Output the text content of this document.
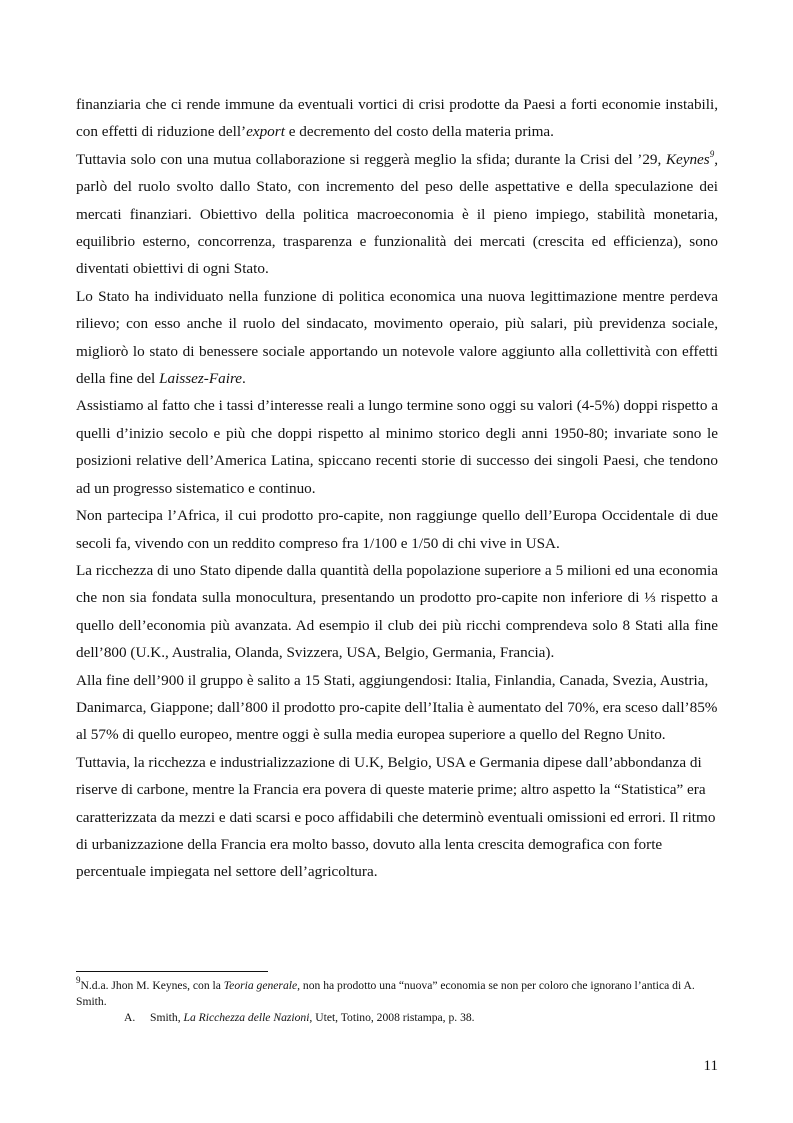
finanziaria che ci rende immune da eventuali vortici di crisi prodotte da Paesi a forti economie instabili, con effetti di riduzione dell’export e decremento del costo della materia prima.

Tuttavia solo con una mutua collaborazione si reggerà meglio la sfida; durante la Crisi del ’29, Keynes$^9$, parlò del ruolo svolto dallo Stato, con incremento del peso delle aspettative e della speculazione dei mercati finanziari. Obiettivo della politica macroeconomia è il pieno impiego, stabilità monetaria, equilibrio esterno, concorrenza, trasparenza e funzionalità dei mercati (crescita ed efficienza), sono diventati obiettivi di ogni Stato.

Lo Stato ha individuato nella funzione di politica economica una nuova legittimazione mentre perdeva rilievo; con esso anche il ruolo del sindacato, movimento operaio, più salari, più previdenza sociale, migliorò lo stato di benessere sociale apportando un notevole valore aggiunto alla collettività con effetti della fine del Laissez-Faire.

Assistiamo al fatto che i tassi d’interesse reali a lungo termine sono oggi su valori (4-5%) doppi rispetto a quelli d’inizio secolo e più che doppi rispetto al minimo storico degli anni 1950-80; invariate sono le posizioni relative dell’America Latina, spiccano recenti storie di successo dei singoli Paesi, che tendono ad un progresso sistematico e continuo.

Non partecipa l’Africa, il cui prodotto pro-capite, non raggiunge quello dell’Europa Occidentale di due secoli fa, vivendo con un reddito compreso fra 1/100 e 1/50 di chi vive in USA.

La ricchezza di uno Stato dipende dalla quantità della popolazione superiore a 5 milioni ed una economia che non sia fondata sulla monocultura, presentando un prodotto pro-capite non inferiore di ⅓ rispetto a quello dell’economia più avanzata. Ad esempio il club dei più ricchi comprendeva solo 8 Stati alla fine dell’800 (U.K., Australia, Olanda, Svizzera, USA, Belgio, Germania, Francia).

Alla fine dell’900 il gruppo è salito a 15 Stati, aggiungendosi: Italia, Finlandia, Canada, Svezia, Austria, Danimarca, Giappone; dall’800 il prodotto pro-capite dell’Italia è aumentato del 70%, era sceso dall’85% al 57% di quello europeo, mentre oggi è sulla media europea superiore a quello del Regno Unito. Tuttavia, la ricchezza e industrializzazione di U.K, Belgio, USA e Germania dipese dall’abbondanza di riserve di carbone, mentre la Francia era povera di queste materie prime; altro aspetto la “Statistica” era caratterizzata da mezzi e dati scarsi e poco affidabili che determinò eventuali omissioni ed errori. Il ritmo di urbanizzazione della Francia era molto basso, dovuto alla lenta crescita demografica con forte percentuale impiegata nel settore dell’agricoltura.

$^9$N.d.a. Jhon M. Keynes, con la Teoria generale, non ha prodotto una “nuova” economia se non per coloro che ignorano l’antica di A. Smith.

A. Smith, La Ricchezza delle Nazioni, Utet, Totino, 2008 ristampa, p. 38.

11
